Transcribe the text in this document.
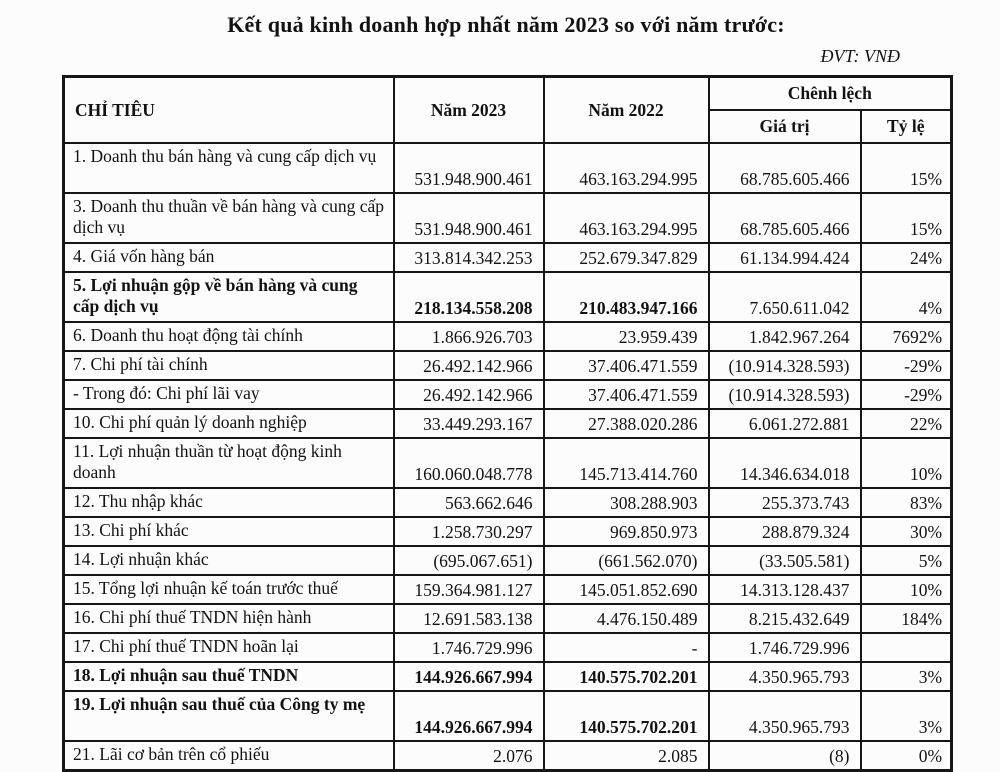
Kết quả kinh doanh hợp nhất năm 2023 so với năm trước:
ĐVT: VNĐ
CHỈ TIÊU	Năm 2023	Năm 2022	Chênh lệch	
			Giá trị	Tỷ lệ
1. Doanh thu bán hàng và cung cấp dịch vụ	531.948.900.461	463.163.294.995	68.785.605.466	15%
3. Doanh thu thuần về bán hàng và cung cấp dịch vụ	531.948.900.461	463.163.294.995	68.785.605.466	15%
4. Giá vốn hàng bán	313.814.342.253	252.679.347.829	61.134.994.424	24%
5. Lợi nhuận gộp về bán hàng và cung cấp dịch vụ	218.134.558.208	210.483.947.166	7.650.611.042	4%
6. Doanh thu hoạt động tài chính	1.866.926.703	23.959.439	1.842.967.264	7692%
7. Chi phí tài chính	26.492.142.966	37.406.471.559	(10.914.328.593)	-29%
- Trong đó: Chi phí lãi vay	26.492.142.966	37.406.471.559	(10.914.328.593)	-29%
10. Chi phí quản lý doanh nghiệp	33.449.293.167	27.388.020.286	6.061.272.881	22%
11. Lợi nhuận thuần từ hoạt động kinh doanh	160.060.048.778	145.713.414.760	14.346.634.018	10%
12. Thu nhập khác	563.662.646	308.288.903	255.373.743	83%
13. Chi phí khác	1.258.730.297	969.850.973	288.879.324	30%
14. Lợi nhuận khác	(695.067.651)	(661.562.070)	(33.505.581)	5%
15. Tổng lợi nhuận kế toán trước thuế	159.364.981.127	145.051.852.690	14.313.128.437	10%
16. Chi phí thuế TNDN hiện hành	12.691.583.138	4.476.150.489	8.215.432.649	184%
17. Chi phí thuế TNDN hoãn lại	1.746.729.996	-	1.746.729.996	
18. Lợi nhuận sau thuế TNDN	144.926.667.994	140.575.702.201	4.350.965.793	3%
19. Lợi nhuận sau thuế của Công ty mẹ	144.926.667.994	140.575.702.201	4.350.965.793	3%
21. Lãi cơ bản trên cổ phiếu	2.076	2.085	(8)	0%
